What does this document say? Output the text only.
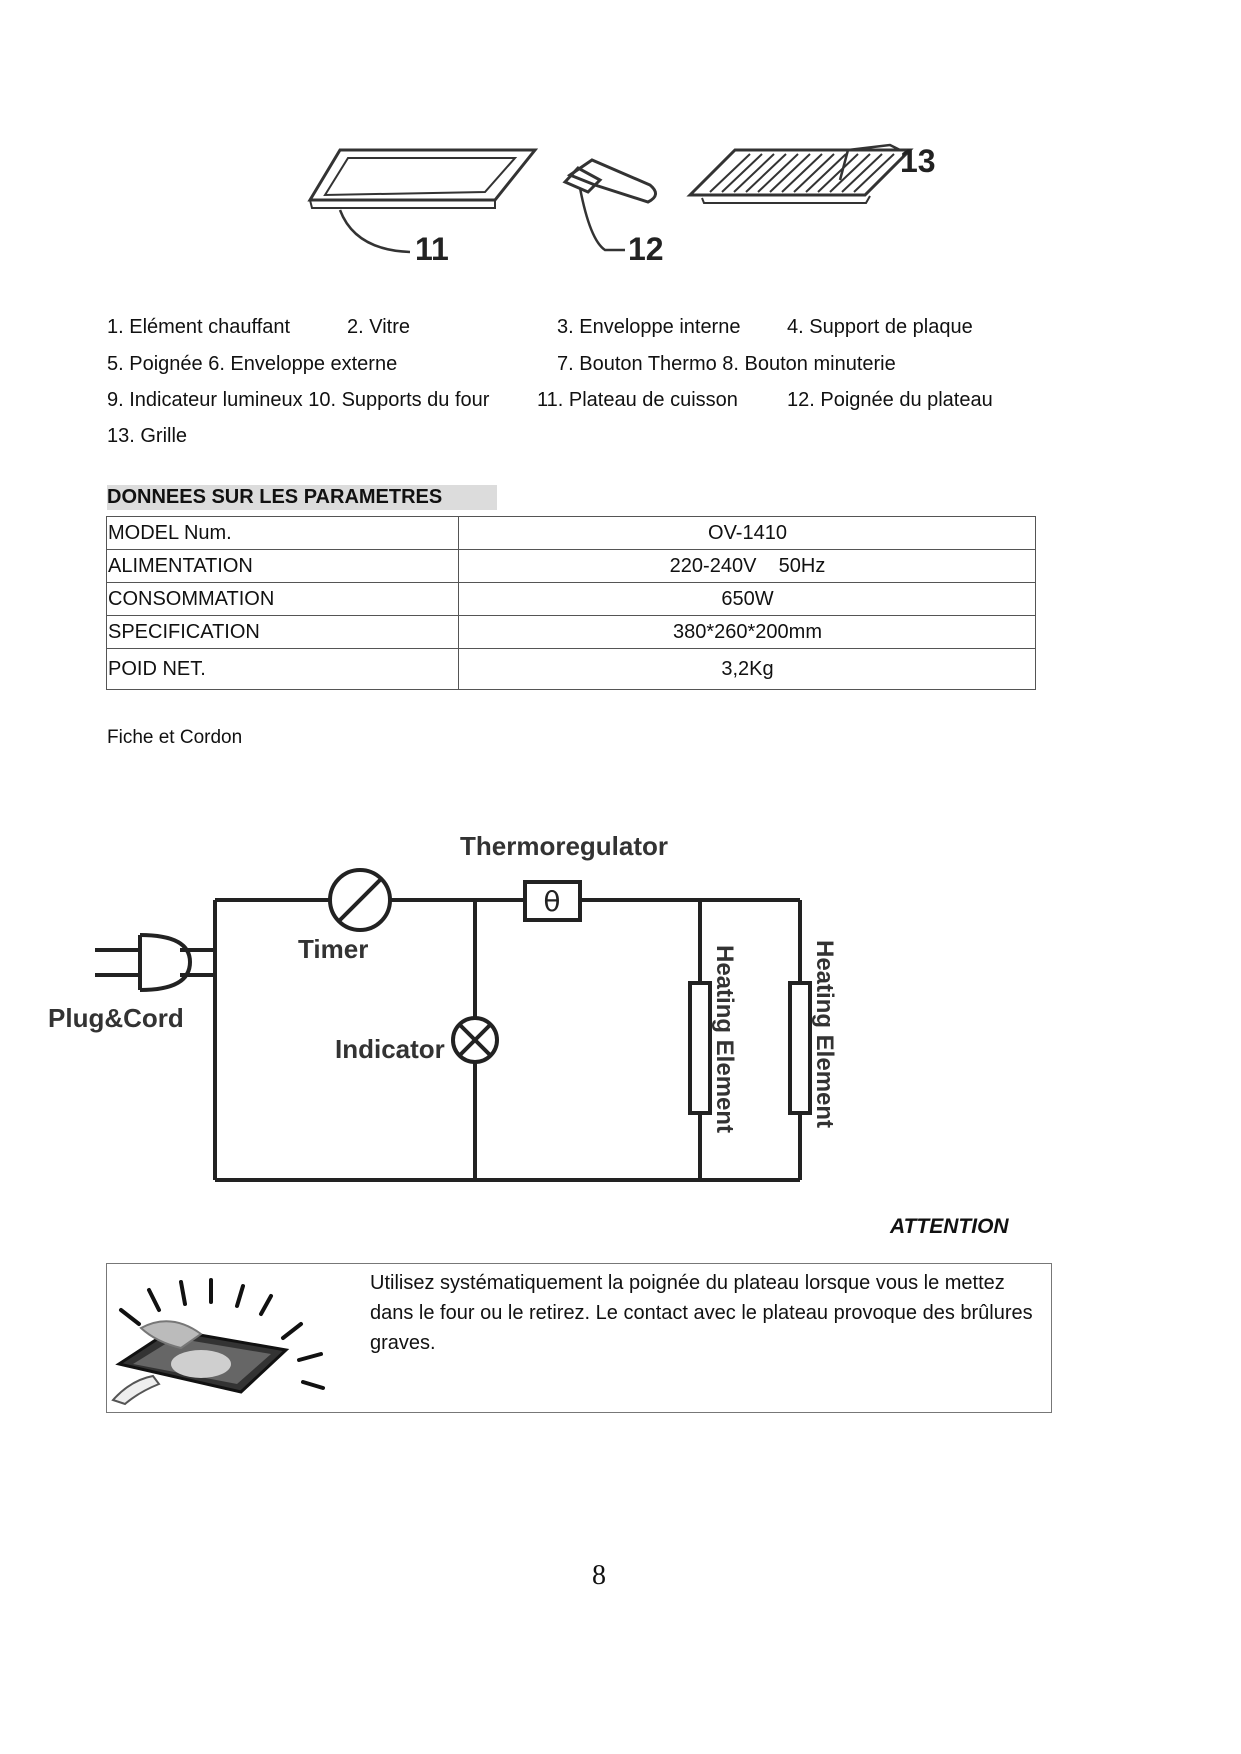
11	12
13
1. Elément chauffant	2. Vitre	3. Enveloppe interne 4. Support de plaque
5. Poignée 6. Enveloppe externe	7. Bouton Thermo 8. Bouton minuterie
9. Indicateur lumineux 10. Supports du four 11. Plateau de cuisson 12. Poignée du plateau
13. Grille
DONNEES SUR LES PARAMETRES
MODEL Num.	OV-1410
ALIMENTATION	220-240V    50Hz
CONSOMMATION	650W
SPECIFICATION	380*260*200mm
POID NET.	3,2Kg
Fiche et Cordon
θ
Thermoregulator
Timer
Plug&Cord
Indicator	Heating Element	Heating Element
ATTENTION
Utilisez systématiquement la poignée du plateau lorsque vous le mettez dans le four ou le retirez. Le contact avec le plateau provoque des brûlures graves.
8
